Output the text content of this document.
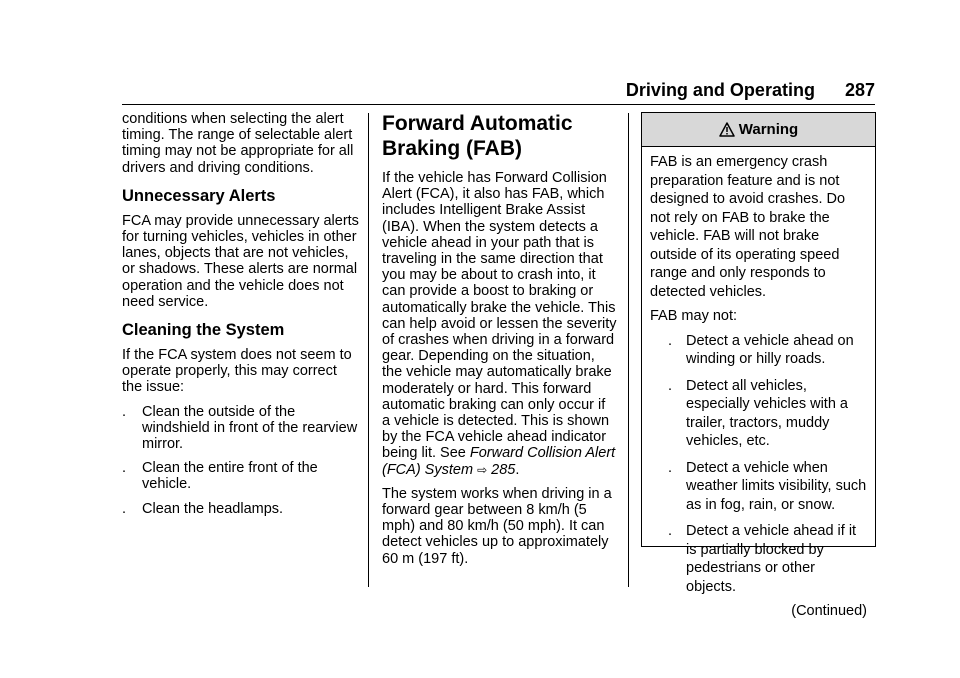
Driving and Operating 287

conditions when selecting the alert timing. The range of selectable alert timing may not be appropriate for all drivers and driving conditions.

Unnecessary Alerts

FCA may provide unnecessary alerts for turning vehicles, vehicles in other lanes, objects that are not vehicles, or shadows. These alerts are normal operation and the vehicle does not need service.

Cleaning the System

If the FCA system does not seem to operate properly, this may correct the issue:

. Clean the outside of the windshield in front of the rearview mirror.
. Clean the entire front of the vehicle.
. Clean the headlamps.
Forward Automatic Braking (FAB)

If the vehicle has Forward Collision Alert (FCA), it also has FAB, which includes Intelligent Brake Assist (IBA). When the system detects a vehicle ahead in your path that is traveling in the same direction that you may be about to crash into, it can provide a boost to braking or automatically brake the vehicle. This can help avoid or lessen the severity of crashes when driving in a forward gear. Depending on the situation, the vehicle may automatically brake moderately or hard. This forward automatic braking can only occur if a vehicle is detected. This is shown by the FCA vehicle ahead indicator being lit. See Forward Collision Alert (FCA) System ⇨ 285.

The system works when driving in a forward gear between 8 km/h (5 mph) and 80 km/h (50 mph). It can detect vehicles up to approximately 60 m (197 ft).

Warning

FAB is an emergency crash preparation feature and is not designed to avoid crashes. Do not rely on FAB to brake the vehicle. FAB will not brake outside of its operating speed range and only responds to detected vehicles.

FAB may not:

. Detect a vehicle ahead on winding or hilly roads.
. Detect all vehicles, especially vehicles with a trailer, tractors, muddy vehicles, etc.
. Detect a vehicle when weather limits visibility, such as in fog, rain, or snow.
. Detect a vehicle ahead if it is partially blocked by pedestrians or other objects.
(Continued)
